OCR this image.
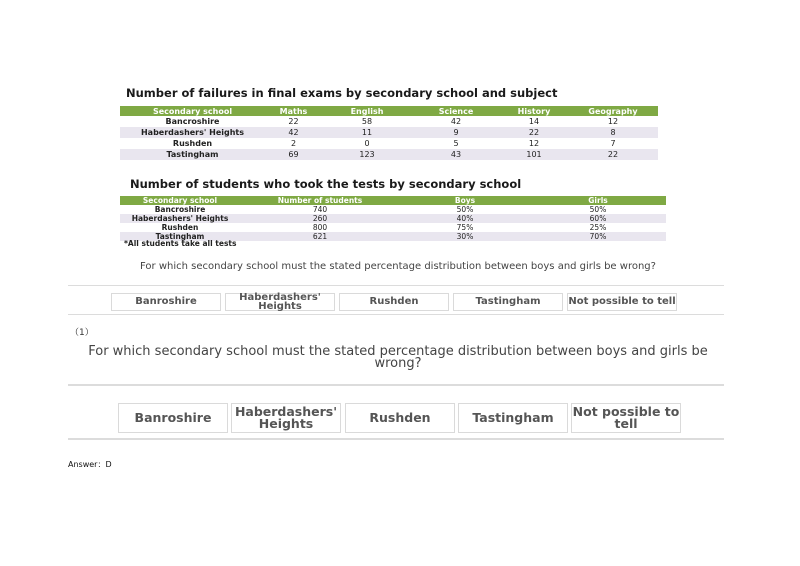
Number of failures in final exams by secondary school and subject
Secondary school	Maths	English	Science	History	Geography
Bancroshire	22	58	42	14	12
Haberdashers' Heights	42	11	9	22	8
Rushden	2	0	5	12	7
Tastingham	69	123	43	101	22
Number of students who took the tests by secondary school
Secondary school	Number of students	Boys	Girls
Bancroshire	740	50%	50%
Haberdashers' Heights	260	40%	60%
Rushden	800	75%	25%
Tastingham	621	30%	70%
*All students take all tests
For which secondary school must the stated percentage distribution between boys and girls be wrong?
Banroshire	Haberdashers' Heights	Rushden	Tastingham	Not possible to tell
（1）
For which secondary school must the stated percentage distribution between boys and girls be wrong?
Banroshire	Haberdashers' Heights	Rushden	Tastingham	Not possible to tell
Answer：D
